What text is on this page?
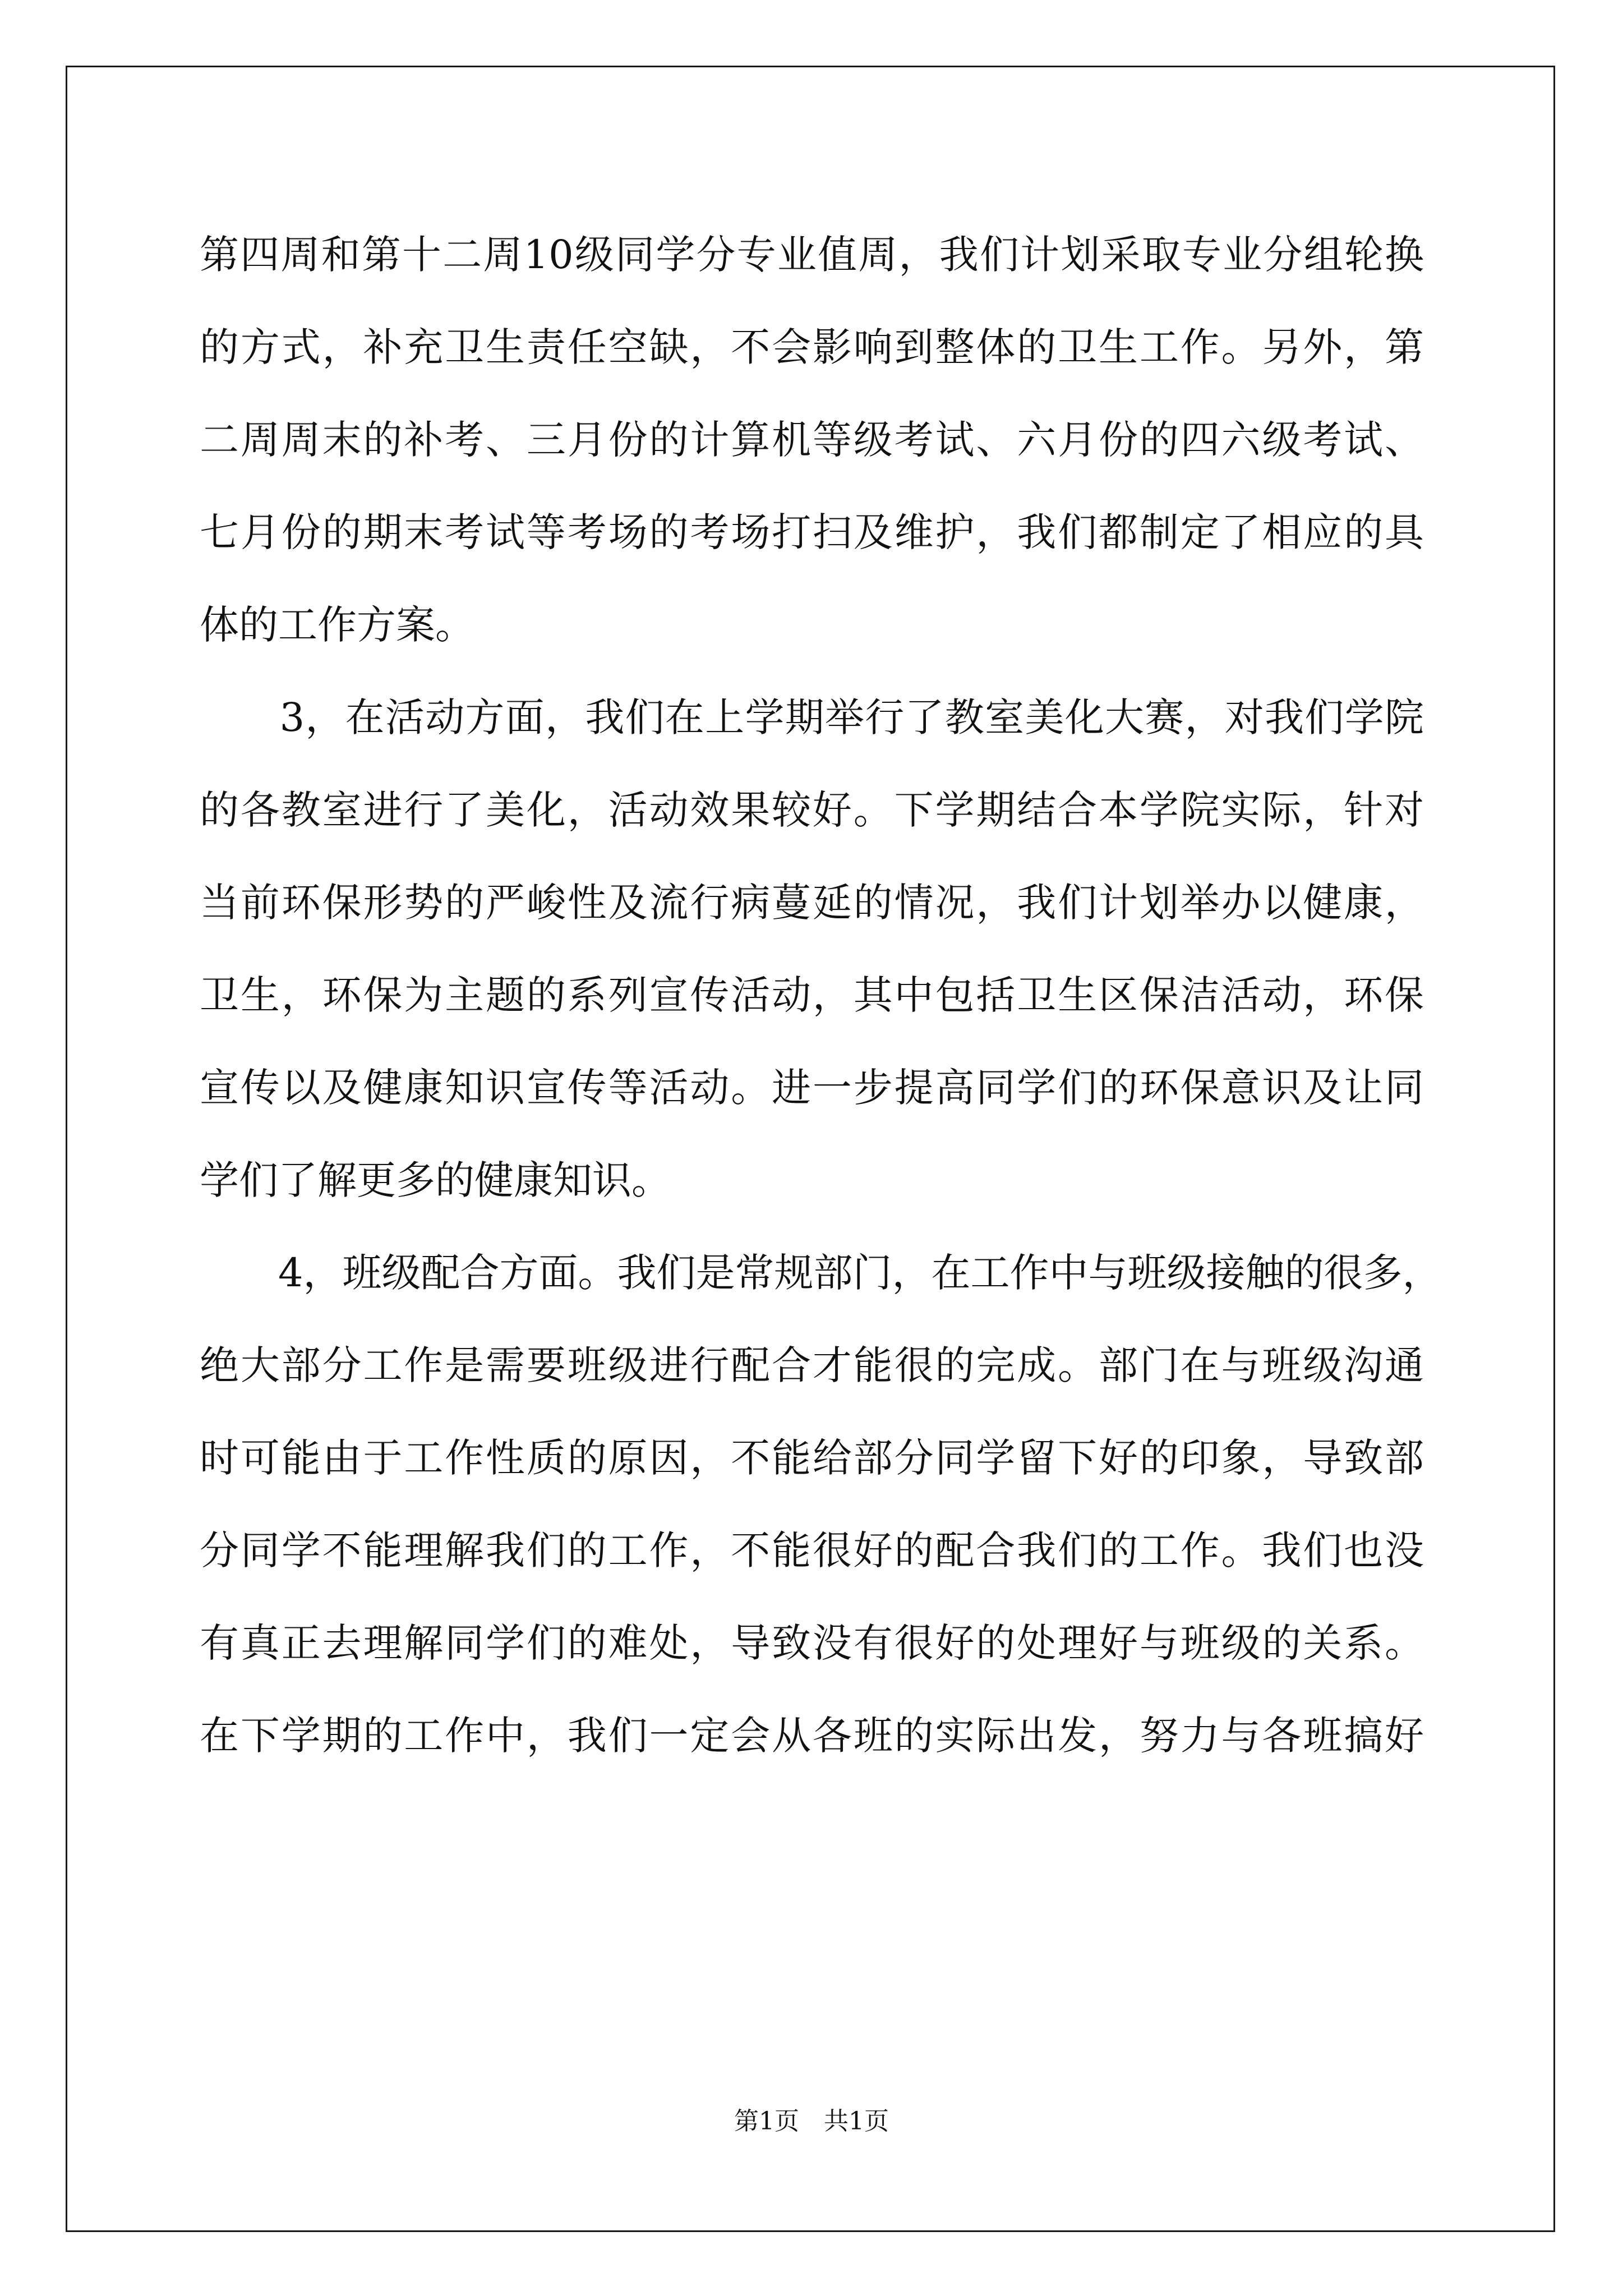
第四周和第十二周10级同学分专业值周，我们计划采取专业分组轮换
的方式，补充卫生责任空缺，不会影响到整体的卫生工作。另外，第
二周周末的补考、三月份的计算机等级考试、六月份的四六级考试、
七月份的期末考试等考场的考场打扫及维护，我们都制定了相应的具
体的工作方案。
　　3，在活动方面，我们在上学期举行了教室美化大赛，对我们学院
的各教室进行了美化，活动效果较好。下学期结合本学院实际，针对
当前环保形势的严峻性及流行病蔓延的情况，我们计划举办以健康，
卫生，环保为主题的系列宣传活动，其中包括卫生区保洁活动，环保
宣传以及健康知识宣传等活动。进一步提高同学们的环保意识及让同
学们了解更多的健康知识。
　　4，班级配合方面。我们是常规部门，在工作中与班级接触的很多，
绝大部分工作是需要班级进行配合才能很的完成。部门在与班级沟通
时可能由于工作性质的原因，不能给部分同学留下好的印象，导致部
分同学不能理解我们的工作，不能很好的配合我们的工作。我们也没
有真正去理解同学们的难处，导致没有很好的处理好与班级的关系。
在下学期的工作中，我们一定会从各班的实际出发，努力与各班搞好
第1页　共1页
